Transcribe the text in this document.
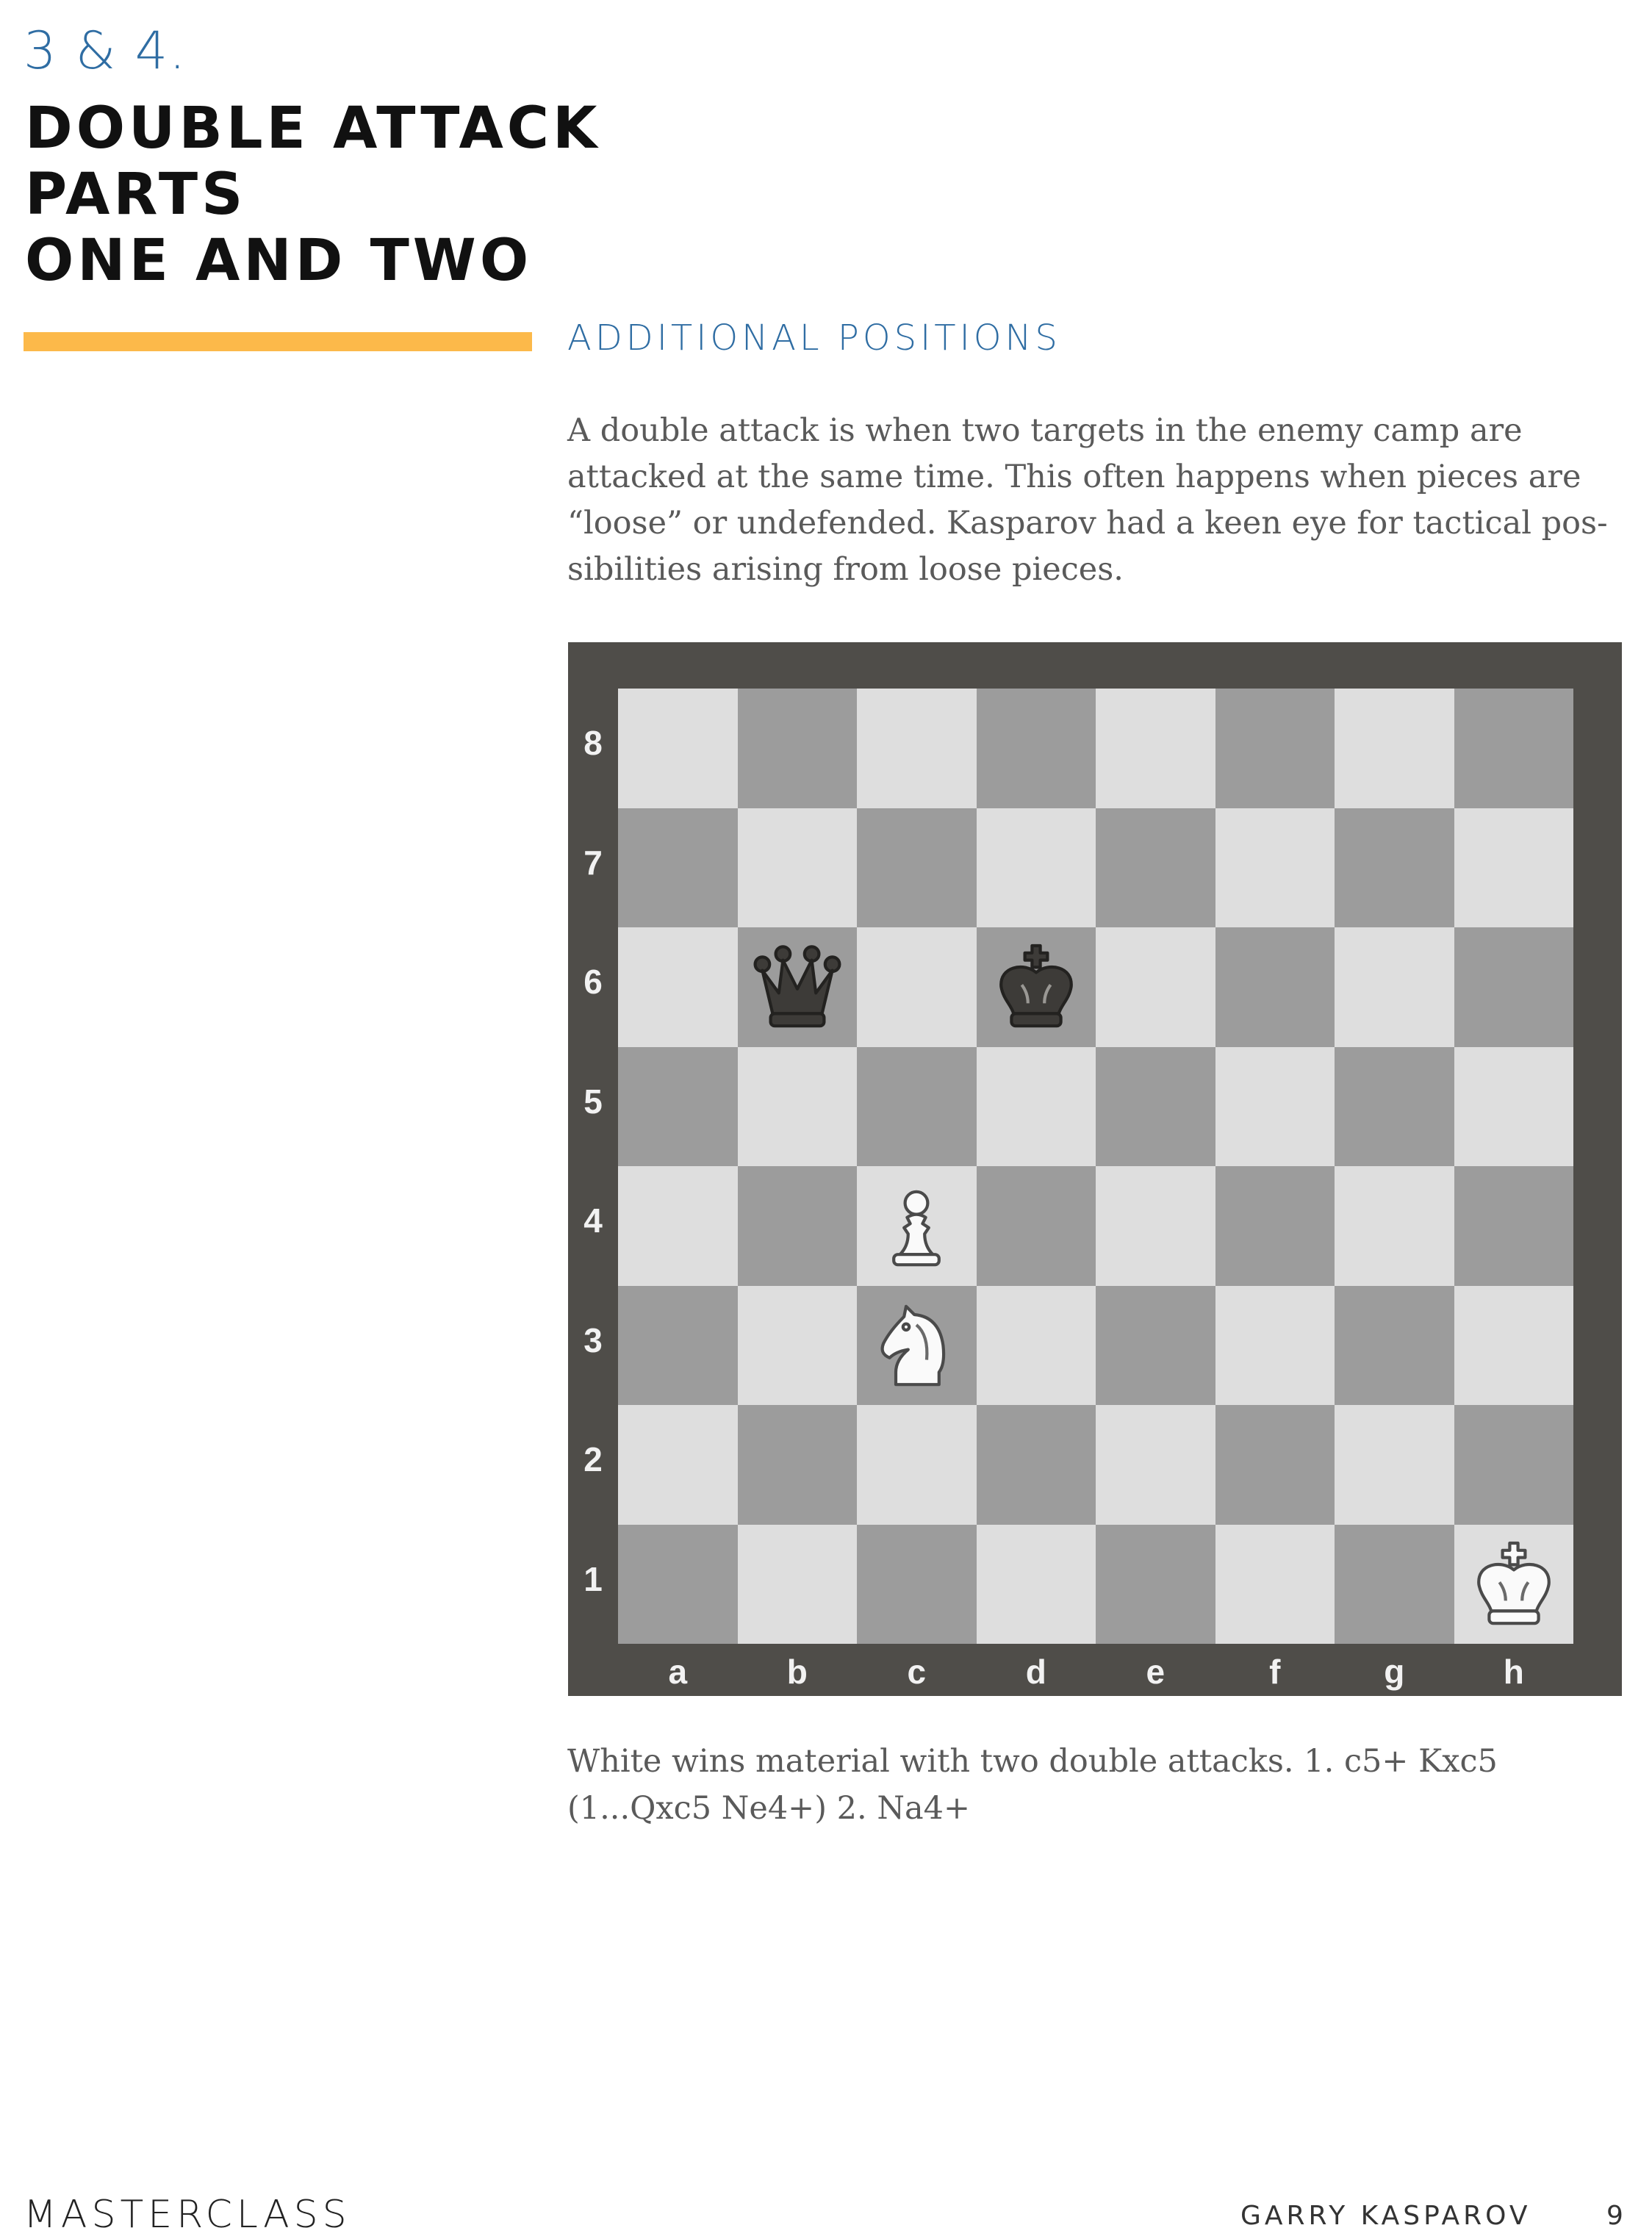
3 & 4.
DOUBLE ATTACK
PARTS
ONE AND TWO
ADDITIONAL POSITIONS

A double attack is when two targets in the enemy camp are attacked at the same time. This often happens when pieces are “loose” or undefended. Kasparov had a keen eye for tactical pos-sibilities arising from loose pieces.

8
7
6
5
4
3
2
1
a	b	c	d	e	f	g	h

White wins material with two double attacks. 1. c5+ Kxc5 (1...Qxc5 Ne4+) 2. Na4+

MASTERCLASS	GARRY KASPAROV	9
